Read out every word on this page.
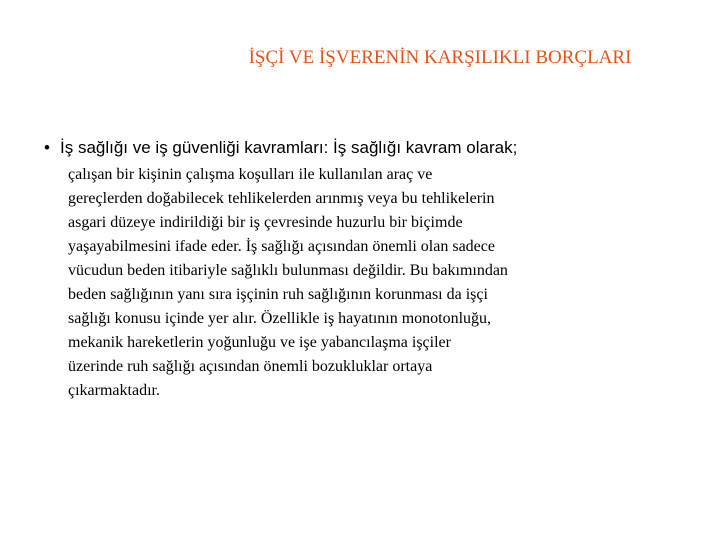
İŞÇİ VE İŞVERENİN KARŞILIKLI BORÇLARI
• İş sağlığı ve iş güvenliği kavramları: İş sağlığı kavram olarak;
çalışan bir kişinin çalışma koşulları ile kullanılan araç ve
gereçlerden doğabilecek tehlikelerden arınmış veya bu tehlikelerin
asgari düzeye indirildiği bir iş çevresinde huzurlu bir biçimde
yaşayabilmesini ifade eder. İş sağlığı açısından önemli olan sadece
vücudun beden itibariyle sağlıklı bulunması değildir. Bu bakımından
beden sağlığının yanı sıra işçinin ruh sağlığının korunması da işçi
sağlığı konusu içinde yer alır. Özellikle iş hayatının monotonluğu,
mekanik hareketlerin yoğunluğu ve işe yabancılaşma işçiler
üzerinde ruh sağlığı açısından önemli bozukluklar ortaya
çıkarmaktadır.
